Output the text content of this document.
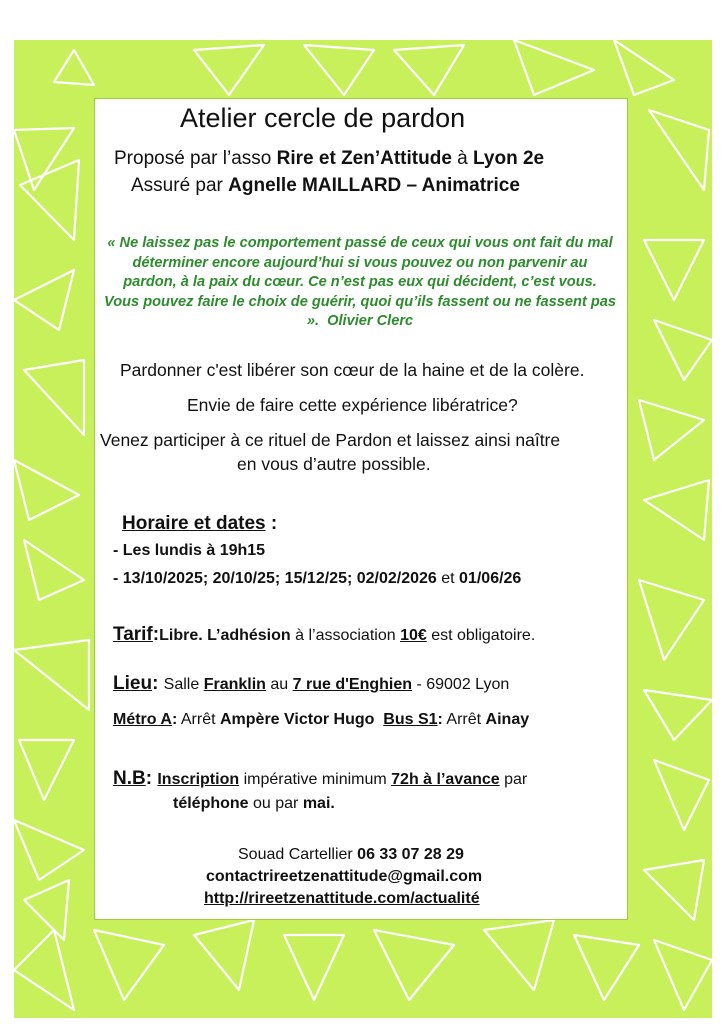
Atelier cercle de pardon
Proposé par l’asso Rire et Zen’Attitude à Lyon 2e
Assuré par Agnelle MAILLARD – Animatrice
« Ne laissez pas le comportement passé de ceux qui vous ont fait du mal déterminer encore aujourd’hui si vous pouvez ou non parvenir au pardon, à la paix du cœur. Ce n’est pas eux qui décident, c’est vous. Vous pouvez faire le choix de guérir, quoi qu’ils fassent ou ne fassent pas ». Olivier Clerc
Pardonner c'est libérer son cœur de la haine et de la colère.
Envie de faire cette expérience libératrice?
Venez participer à ce rituel de Pardon et laissez ainsi naître
en vous d’autre possible.
Horaire et dates :
- Les lundis à 19h15
- 13/10/2025; 20/10/25; 15/12/25; 02/02/2026 et 01/06/26
Tarif:Libre. L’adhésion à l’association 10€ est obligatoire.
Lieu: Salle Franklin au 7 rue d'Enghien - 69002 Lyon
Métro A: Arrêt Ampère Victor Hugo Bus S1: Arrêt Ainay
N.B: Inscription impérative minimum 72h à l’avance par
téléphone ou par mai.
Souad Cartellier 06 33 07 28 29
contactrireetzenattitude@gmail.com
http://rireetzenattitude.com/actualité
